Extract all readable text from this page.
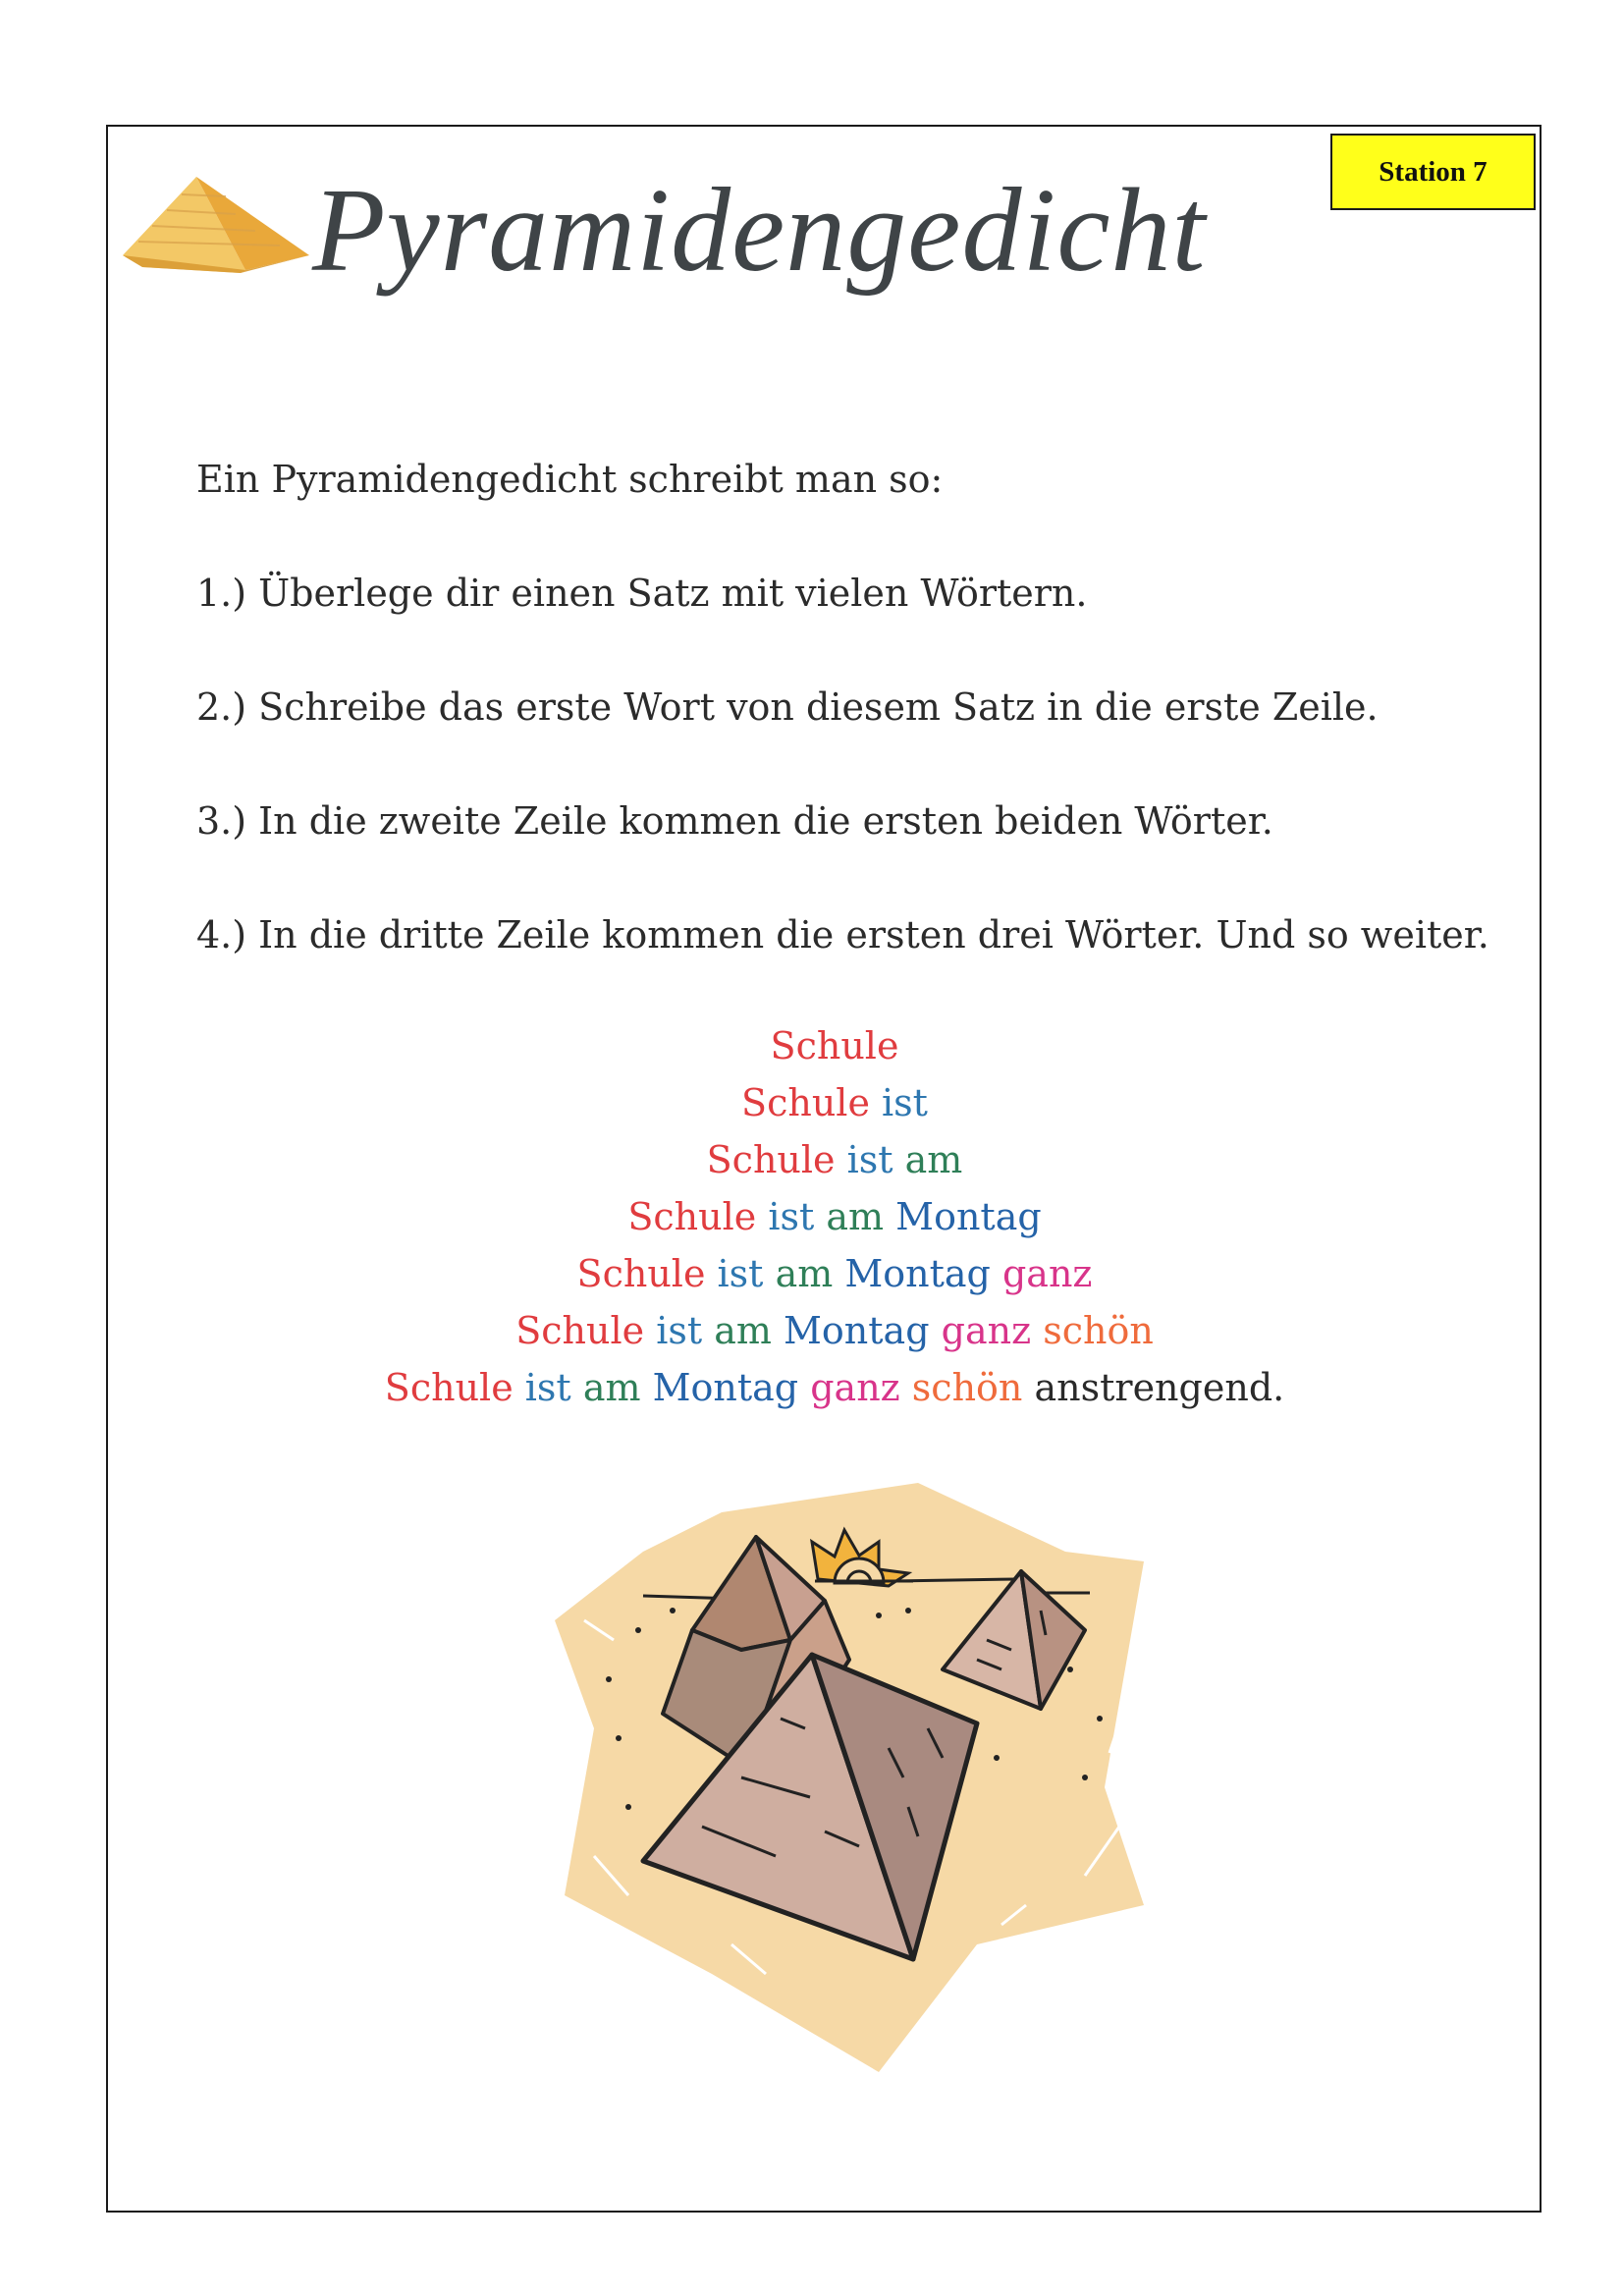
Station 7
Pyramidengedicht

Ein Pyramidengedicht schreibt man so:

1.) Überlege dir einen Satz mit vielen Wörtern.

2.) Schreibe das erste Wort von diesem Satz in die erste Zeile.

3.) In die zweite Zeile kommen die ersten beiden Wörter.

4.) In die dritte Zeile kommen die ersten drei Wörter. Und so weiter.

Schule
Schule ist
Schule ist am
Schule ist am Montag
Schule ist am Montag ganz
Schule ist am Montag ganz schön
Schule ist am Montag ganz schön anstrengend.
